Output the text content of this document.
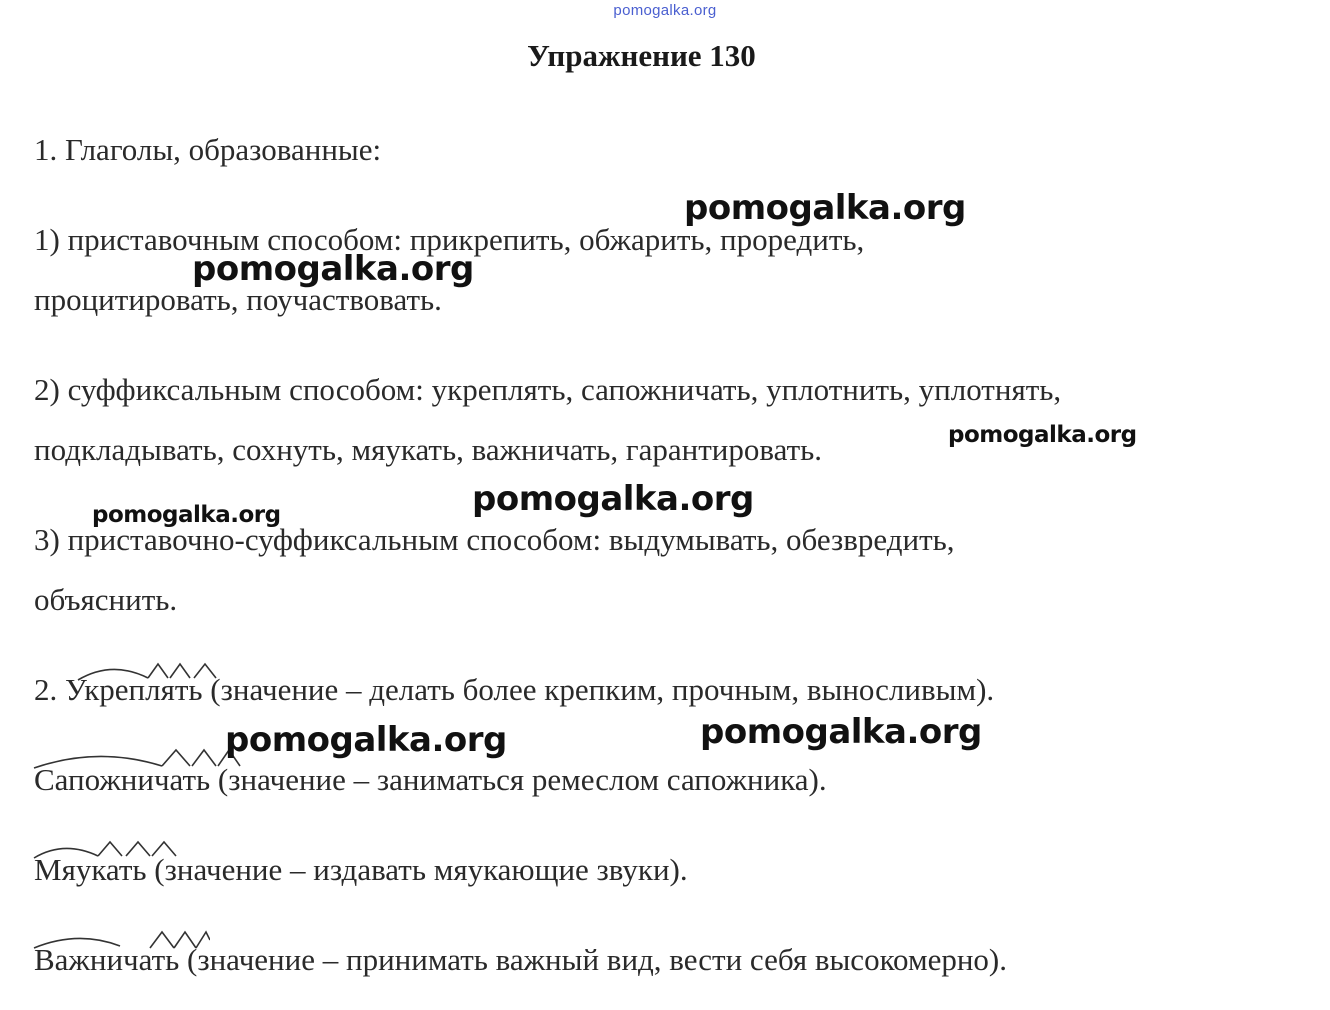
pomogalka.org
Упражнение 130
1. Глаголы, образованные:
1) приставочным способом: прикрепить, обжарить, проредить,
процитировать, поучаствовать.
2) суффиксальным способом: укреплять, сапожничать, уплотнить, уплотнять,
подкладывать, сохнуть, мяукать, важничать, гарантировать.
3) приставочно-суффиксальным способом: выдумывать, обезвредить,
объяснить.
2. Укреплять (значение – делать более крепким, прочным, выносливым).
Сапожничать (значение – заниматься ремеслом сапожника).
Мяукать (значение – издавать мяукающие звуки).
Важничать (значение – принимать важный вид, вести себя высокомерно).
pomogalka.org
pomogalka.org
pomogalka.org
pomogalka.org
pomogalka.org
pomogalka.org	pomogalka.org
